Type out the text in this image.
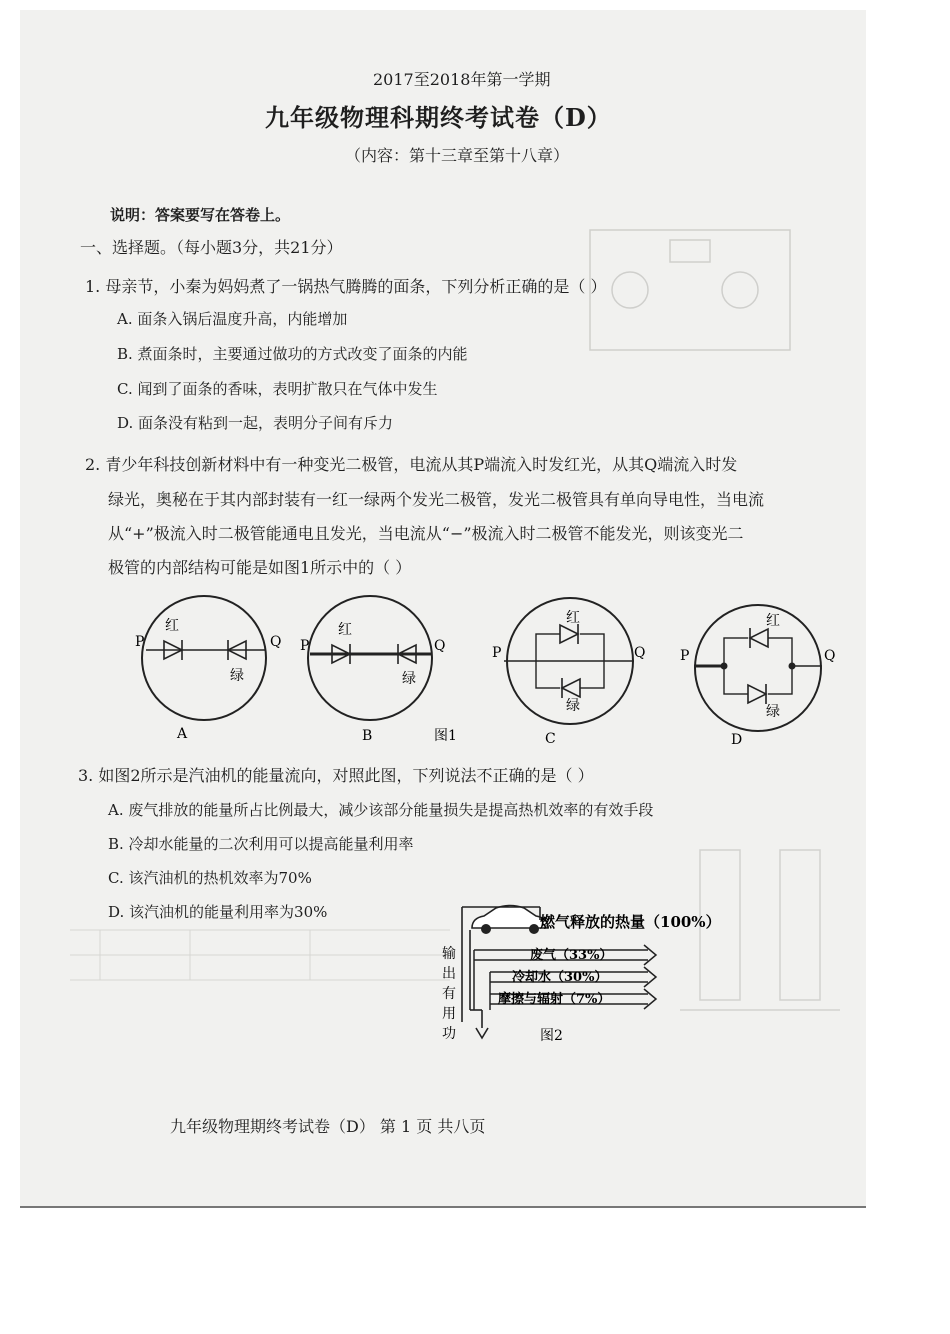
2017至2018年第一学期
九年级物理科期终考试卷（D）
（内容：第十三章至第十八章）
说明：答案要写在答卷上。
一、选择题。（每小题3分，共21分）
1. 母亲节，小秦为妈妈煮了一锅热气腾腾的面条，下列分析正确的是（ ）
A. 面条入锅后温度升高，内能增加
B. 煮面条时，主要通过做功的方式改变了面条的内能
C. 闻到了面条的香味，表明扩散只在气体中发生
D. 面条没有粘到一起，表明分子间有斥力
2. 青少年科技创新材料中有一种变光二极管，电流从其P端流入时发红光，从其Q端流入时发
绿光，奥秘在于其内部封装有一红一绿两个发光二极管，发光二极管具有单向导电性，当电流
从“+”极流入时二极管能通电且发光，当电流从“−”极流入时二极管不能发光，则该变光二
极管的内部结构可能是如图1所示中的（ ）
P	Q
红
绿
P	Q
红
绿
P	Q
红
绿
P	Q
红
绿
A	B	图1	C	D
3. 如图2所示是汽油机的能量流向，对照此图，下列说法不正确的是（ ）
A. 废气排放的能量所占比例最大，减少该部分能量损失是提高热机效率的有效手段
B. 冷却水能量的二次利用可以提高能量利用率
C. 该汽油机的热机效率为70%
D. 该汽油机的能量利用率为30%
燃气释放的热量（100%）
废气（33%）
冷却水（30%）
摩擦与辐射（7%）
输
出
有
用
功	图2
九年级物理期终考试卷（D） 第 1 页 共八页
